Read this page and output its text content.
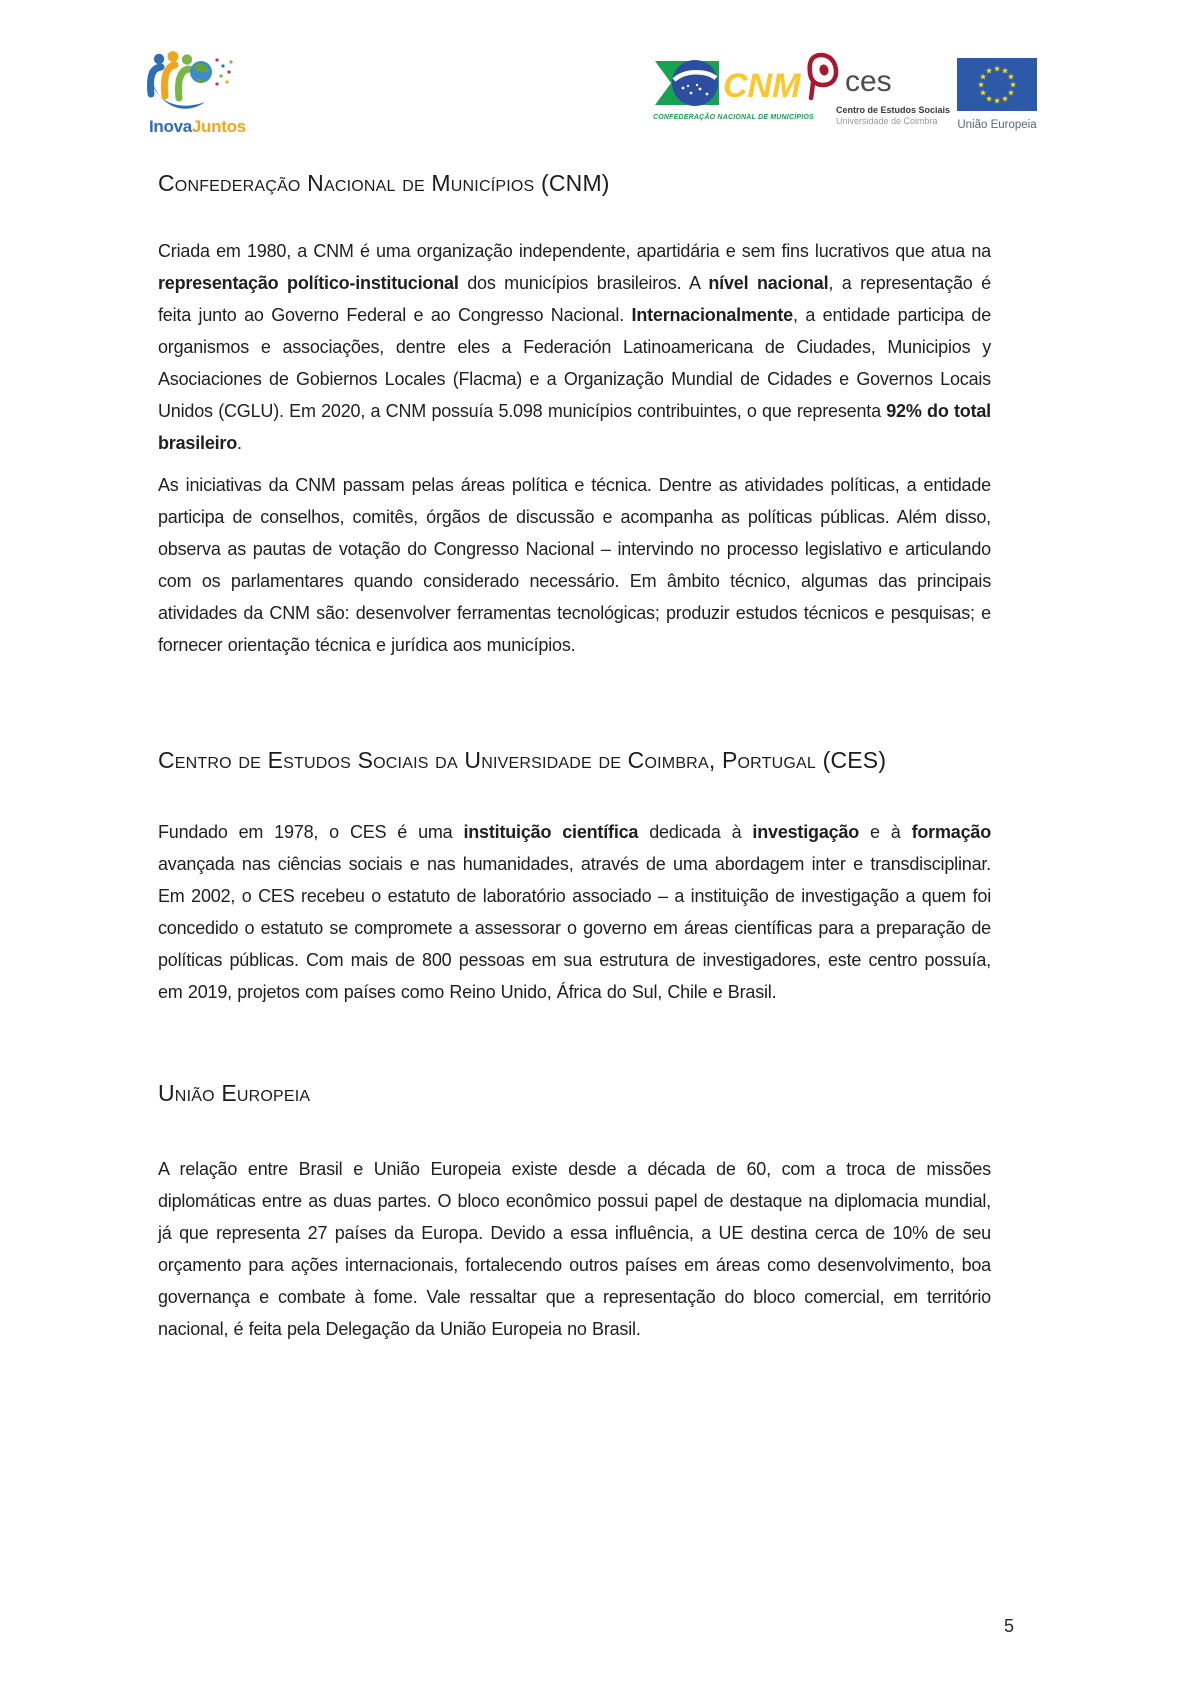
InovaJuntos
CNM
CONFEDERAÇÃO NACIONAL DE MUNICÍPIOS
ces
Centro de Estudos Sociais
Universidade de Coimbra
★ ★
★
★
★
★
★
★
★
★
★
★
União Europeia
Confederação Nacional de Municípios (CNM)

Criada em 1980, a CNM é uma organização independente, apartidária e sem fins lucrativos que atua na representação político-institucional dos municípios brasileiros. A nível nacional, a representação é feita junto ao Governo Federal e ao Congresso Nacional. Internacionalmente, a entidade participa de organismos e associações, dentre eles a Federación Latinoamericana de Ciudades, Municipios y Asociaciones de Gobiernos Locales (Flacma) e a Organização Mundial de Cidades e Governos Locais Unidos (CGLU). Em 2020, a CNM possuía 5.098 municípios contribuintes, o que representa 92% do total brasileiro.

As iniciativas da CNM passam pelas áreas política e técnica. Dentre as atividades políticas, a entidade participa de conselhos, comitês, órgãos de discussão e acompanha as políticas públicas. Além disso, observa as pautas de votação do Congresso Nacional – intervindo no processo legislativo e articulando com os parlamentares quando considerado necessário. Em âmbito técnico, algumas das principais atividades da CNM são: desenvolver ferramentas tecnológicas; produzir estudos técnicos e pesquisas; e fornecer orientação técnica e jurídica aos municípios.

Centro de Estudos Sociais da Universidade de Coimbra, Portugal (CES)

Fundado em 1978, o CES é uma instituição científica dedicada à investigação e à formação avançada nas ciências sociais e nas humanidades, através de uma abordagem inter e transdisciplinar. Em 2002, o CES recebeu o estatuto de laboratório associado – a instituição de investigação a quem foi concedido o estatuto se compromete a assessorar o governo em áreas científicas para a preparação de políticas públicas. Com mais de 800 pessoas em sua estrutura de investigadores, este centro possuía, em 2019, projetos com países como Reino Unido, África do Sul, Chile e Brasil.

União Europeia

A relação entre Brasil e União Europeia existe desde a década de 60, com a troca de missões diplomáticas entre as duas partes. O bloco econômico possui papel de destaque na diplomacia mundial, já que representa 27 países da Europa. Devido a essa influência, a UE destina cerca de 10% de seu orçamento para ações internacionais, fortalecendo outros países em áreas como desenvolvimento, boa governança e combate à fome. Vale ressaltar que a representação do bloco comercial, em território nacional, é feita pela Delegação da União Europeia no Brasil.

5
